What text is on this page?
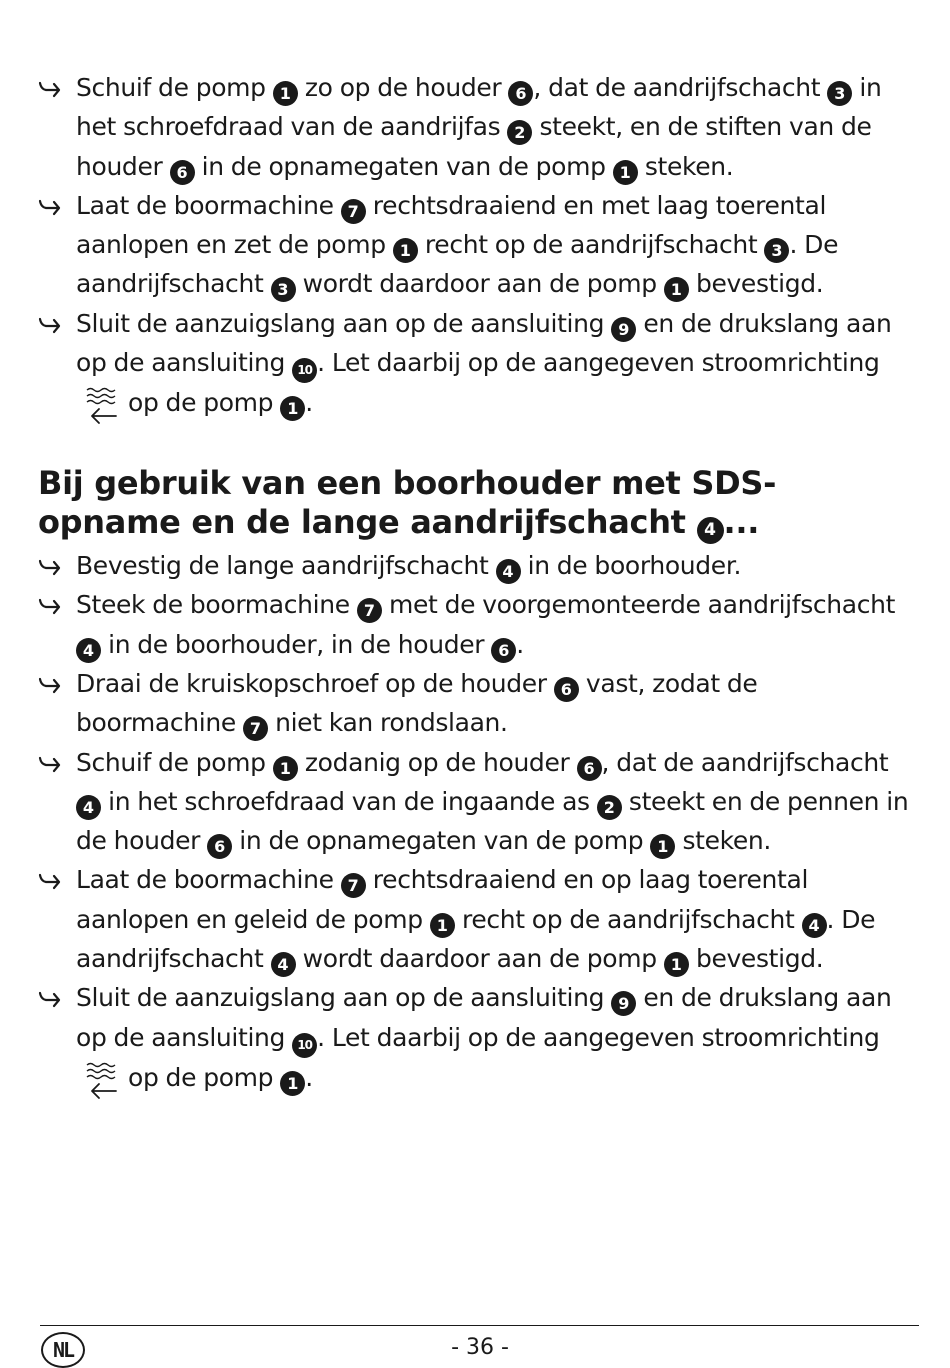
Schuif de pomp 1 zo op de houder 6 , dat de aandrijfschacht 3 in het schroefdraad van de aandrijfas 2 steekt, en de stiften van de houder 6 in de opnamegaten van de pomp 1 steken.
Laat de boormachine 7 rechtsdraaiend en met laag toerental aanlopen en zet de pomp 1 recht op de aandrijfschacht 3 . De aandrijfschacht 3 wordt daardoor aan de pomp 1 bevestigd.
Sluit de aanzuigslang aan op de aansluiting 9 en de drukslang aan op de aansluiting 10 . Let daarbij op de aangegeven stroomrichtingop de pomp 1 .
Bij gebruik van een boorhouder met SDS-opname en de lange aandrijfschacht 4 ...
Bevestig de lange aandrijfschacht 4 in de boorhouder.
Steek de boormachine 7 met de voorgemonteerde aandrijfschacht 4 in de boorhouder, in de houder 6 .
Draai de kruiskopschroef op de houder 6 vast, zodat de boormachine 7 niet kan rondslaan.
Schuif de pomp 1 zodanig op de houder 6 , dat de aandrijfschacht 4 in het schroefdraad van de ingaande as 2 steekt en de pennen in de houder 6 in de opnamegaten van de pomp 1 steken.
Laat de boormachine 7 rechtsdraaiend en op laag toerental aanlopen en geleid de pomp 1 recht op de aandrijfschacht 4 . De aandrijfschacht 4 wordt daardoor aan de pomp 1 bevestigd.
Sluit de aanzuigslang aan op de aansluiting 9 en de drukslang aan op de aansluiting 10 . Let daarbij op de aangegeven stroomrichtingop de pomp 1 .
NL	- 36 -
